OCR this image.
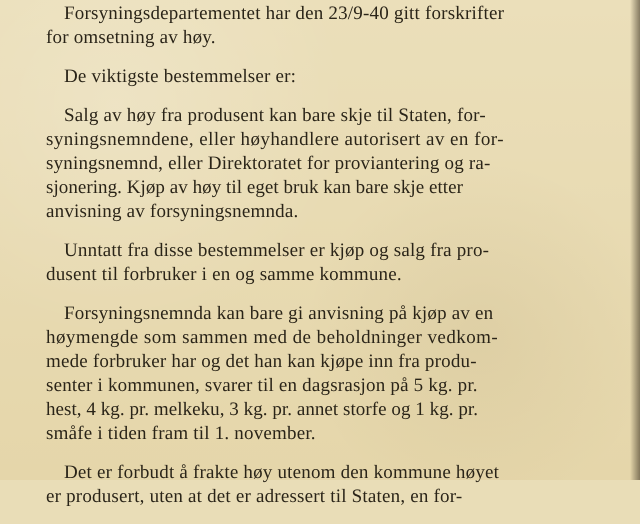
Forsyningsdepartementet har den 23/9-40 gitt forskrifter
for omsetning av høy.
De viktigste bestemmelser er:
Salg av høy fra produsent kan bare skje til Staten, for-
syningsnemndene, eller høyhandlere autorisert av en for-
syningsnemnd, eller Direktoratet for proviantering og ra-
sjonering. Kjøp av høy til eget bruk kan bare skje etter
anvisning av forsyningsnemnda.
Unntatt fra disse bestemmelser er kjøp og salg fra pro-
dusent til forbruker i en og samme kommune.
Forsyningsnemnda kan bare gi anvisning på kjøp av en
høymengde som sammen med de beholdninger vedkom-
mede forbruker har og det han kan kjøpe inn fra produ-
senter i kommunen, svarer til en dagsrasjon på 5 kg. pr.
hest, 4 kg. pr. melkeku, 3 kg. pr. annet storfe og 1 kg. pr.
småfe i tiden fram til 1. november.
Det er forbudt å frakte høy utenom den kommune høyet
er produsert, uten at det er adressert til Staten, en for-
